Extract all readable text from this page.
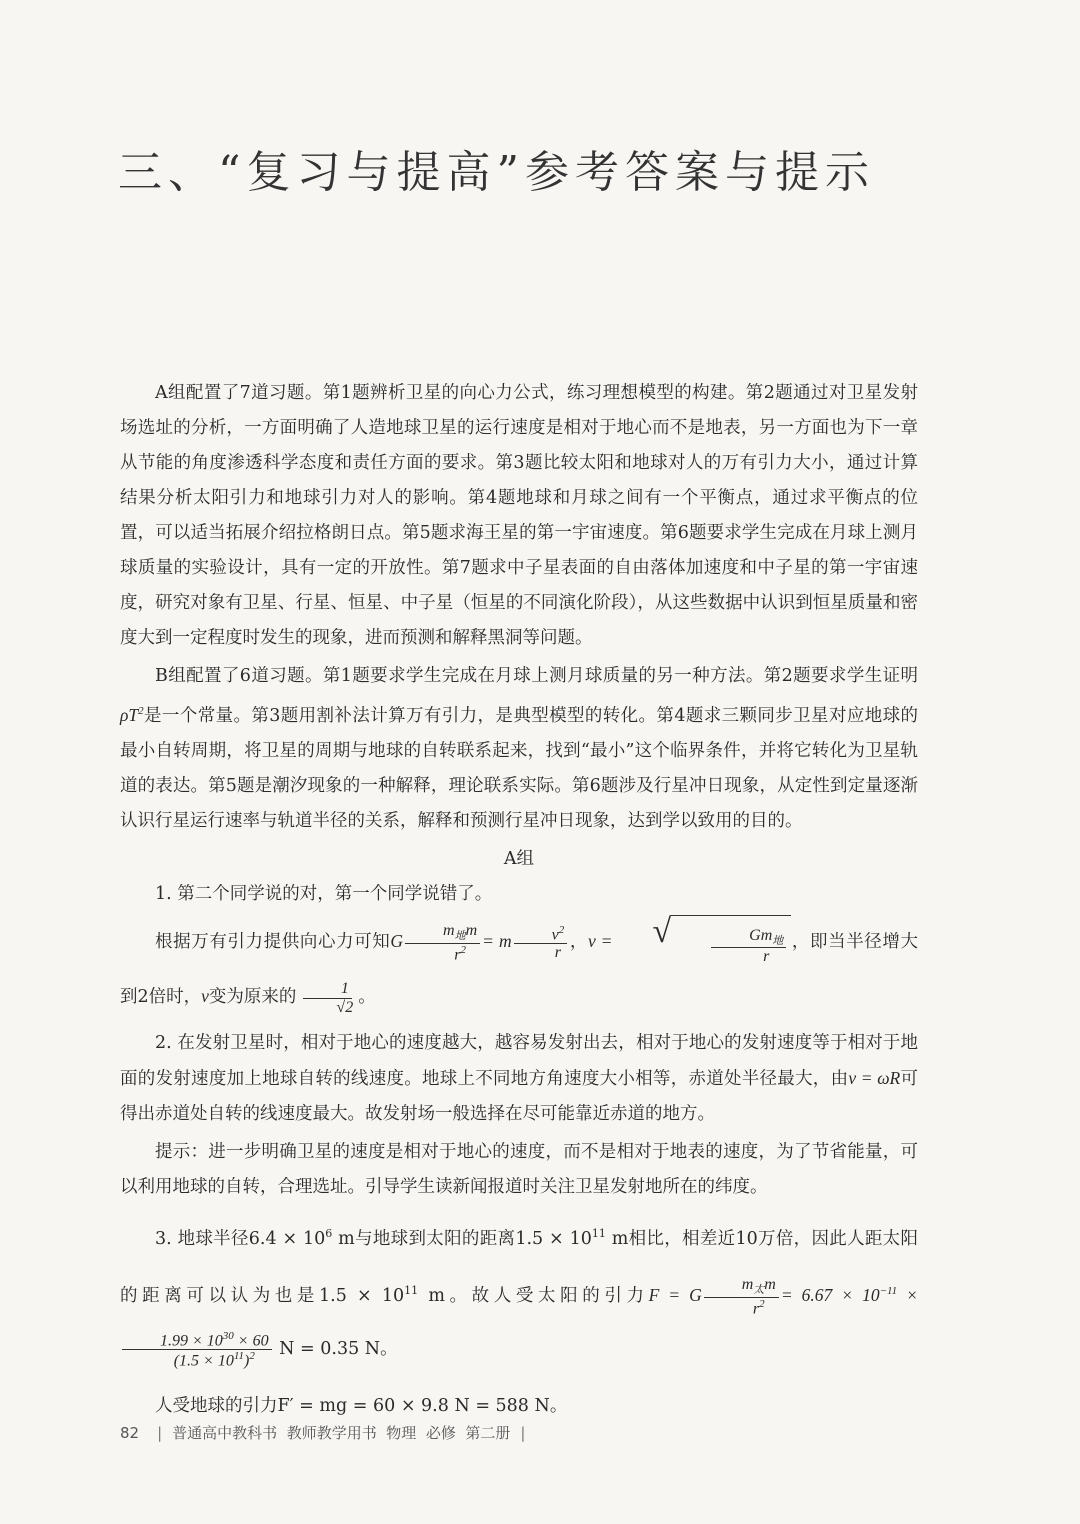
三、“复习与提高”参考答案与提示

A组配置了7道习题。第1题辨析卫星的向心力公式，练习理想模型的构建。第2题通过对卫星发射场选址的分析，一方面明确了人造地球卫星的运行速度是相对于地心而不是地表，另一方面也为下一章从节能的角度渗透科学态度和责任方面的要求。第3题比较太阳和地球对人的万有引力大小，通过计算结果分析太阳引力和地球引力对人的影响。第4题地球和月球之间有一个平衡点，通过求平衡点的位置，可以适当拓展介绍拉格朗日点。第5题求海王星的第一宇宙速度。第6题要求学生完成在月球上测月球质量的实验设计，具有一定的开放性。第7题求中子星表面的自由落体加速度和中子星的第一宇宙速度，研究对象有卫星、行星、恒星、中子星（恒星的不同演化阶段），从这些数据中认识到恒星质量和密度大到一定程度时发生的现象，进而预测和解释黑洞等问题。

B组配置了6道习题。第1题要求学生完成在月球上测月球质量的另一种方法。第2题要求学生证明$\rho T^2$是一个常量。第3题用割补法计算万有引力，是典型模型的转化。第4题求三颗同步卫星对应地球的最小自转周期，将卫星的周期与地球的自转联系起来，找到“最小”这个临界条件，并将它转化为卫星轨道的表达。第5题是潮汐现象的一种解释，理论联系实际。第6题涉及行星冲日现象，从定性到定量逐渐认识行星运行速率与轨道半径的关系，解释和预测行星冲日现象，达到学以致用的目的。

A组

1. 第二个同学说的对，第一个同学说错了。

根据万有引力提供向心力可知G $\frac{m_地m}{r^2} = m \frac{v^2}{r}$ ，v =	√	$\frac{Gm_地}{r}$ ，即当半径增大到2倍时，v变为原来的 $\frac{1}{√2}$ 。

2. 在发射卫星时，相对于地心的速度越大，越容易发射出去，相对于地心的发射速度等于相对于地面的发射速度加上地球自转的线速度。地球上不同地方角速度大小相等，赤道处半径最大，由v = ωR可得出赤道处自转的线速度最大。故发射场一般选择在尽可能靠近赤道的地方。

提示：进一步明确卫星的速度是相对于地心的速度，而不是相对于地表的速度，为了节省能量，可以利用地球的自转，合理选址。引导学生读新闻报道时关注卫星发射地所在的纬度。

3. 地球半径$6.4 \times 10^6$ m与地球到太阳的距离$1.5 \times 10^{11}$ m相比，相差近10万倍，因此人距太阳的距离可以认为也是$1.5 \times 10^{11}$ m。故人受太阳的引力F = G $\frac{m_太m}{r^2} = 6.67 \times 10^{-11}$ ×
$\frac{1.99 \times 10^{30} \times 60}{(1.5 \times 10^{11})^2}$ N = 0.35 N。

人受地球的引力F′ = mg = 60 × 9.8 N = 588 N。

82 | 普通高中教科书 教师教学用书 物理 必修 第二册 |
